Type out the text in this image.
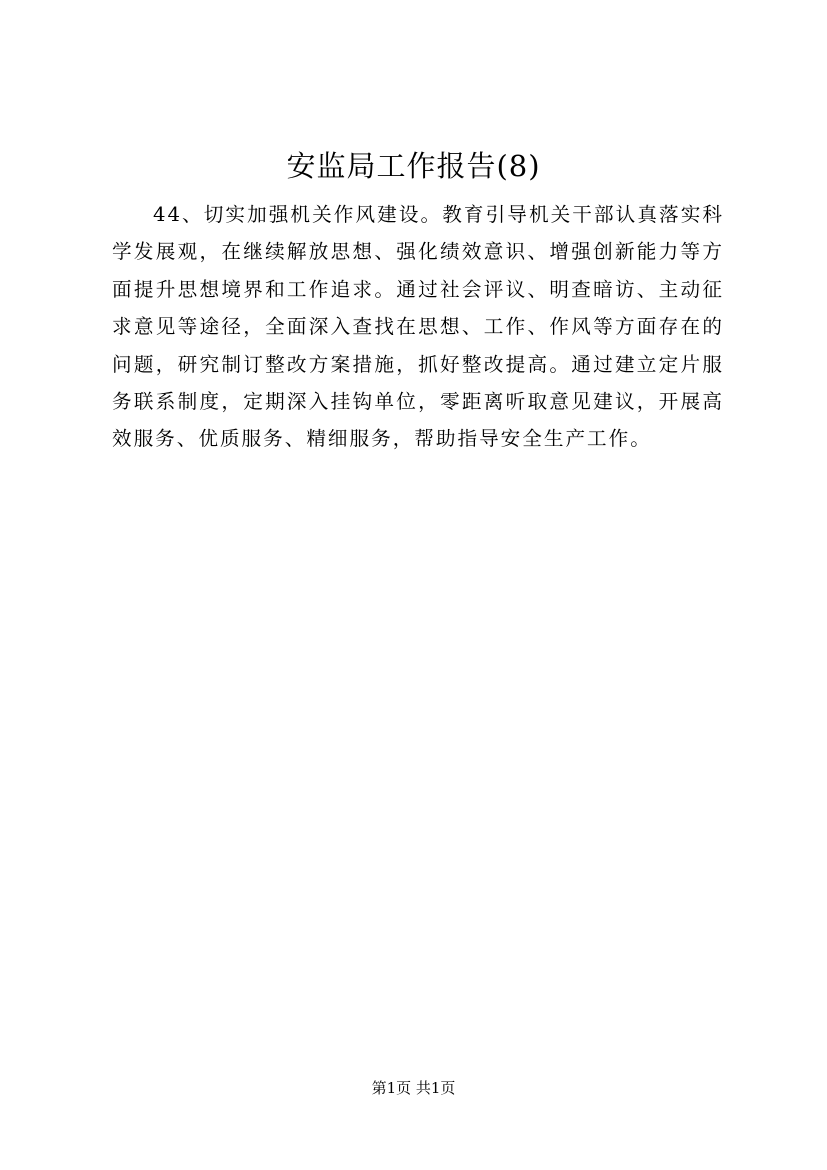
安监局工作报告(8)
44、切实加强机关作风建设。教育引导机关干部认真落实科学发展观，在继续解放思想、强化绩效意识、增强创新能力等方面提升思想境界和工作追求。通过社会评议、明查暗访、主动征求意见等途径，全面深入查找在思想、工作、作风等方面存在的问题，研究制订整改方案措施，抓好整改提高。通过建立定片服务联系制度，定期深入挂钩单位，零距离听取意见建议，开展高效服务、优质服务、精细服务，帮助指导安全生产工作。
第1页 共1页
